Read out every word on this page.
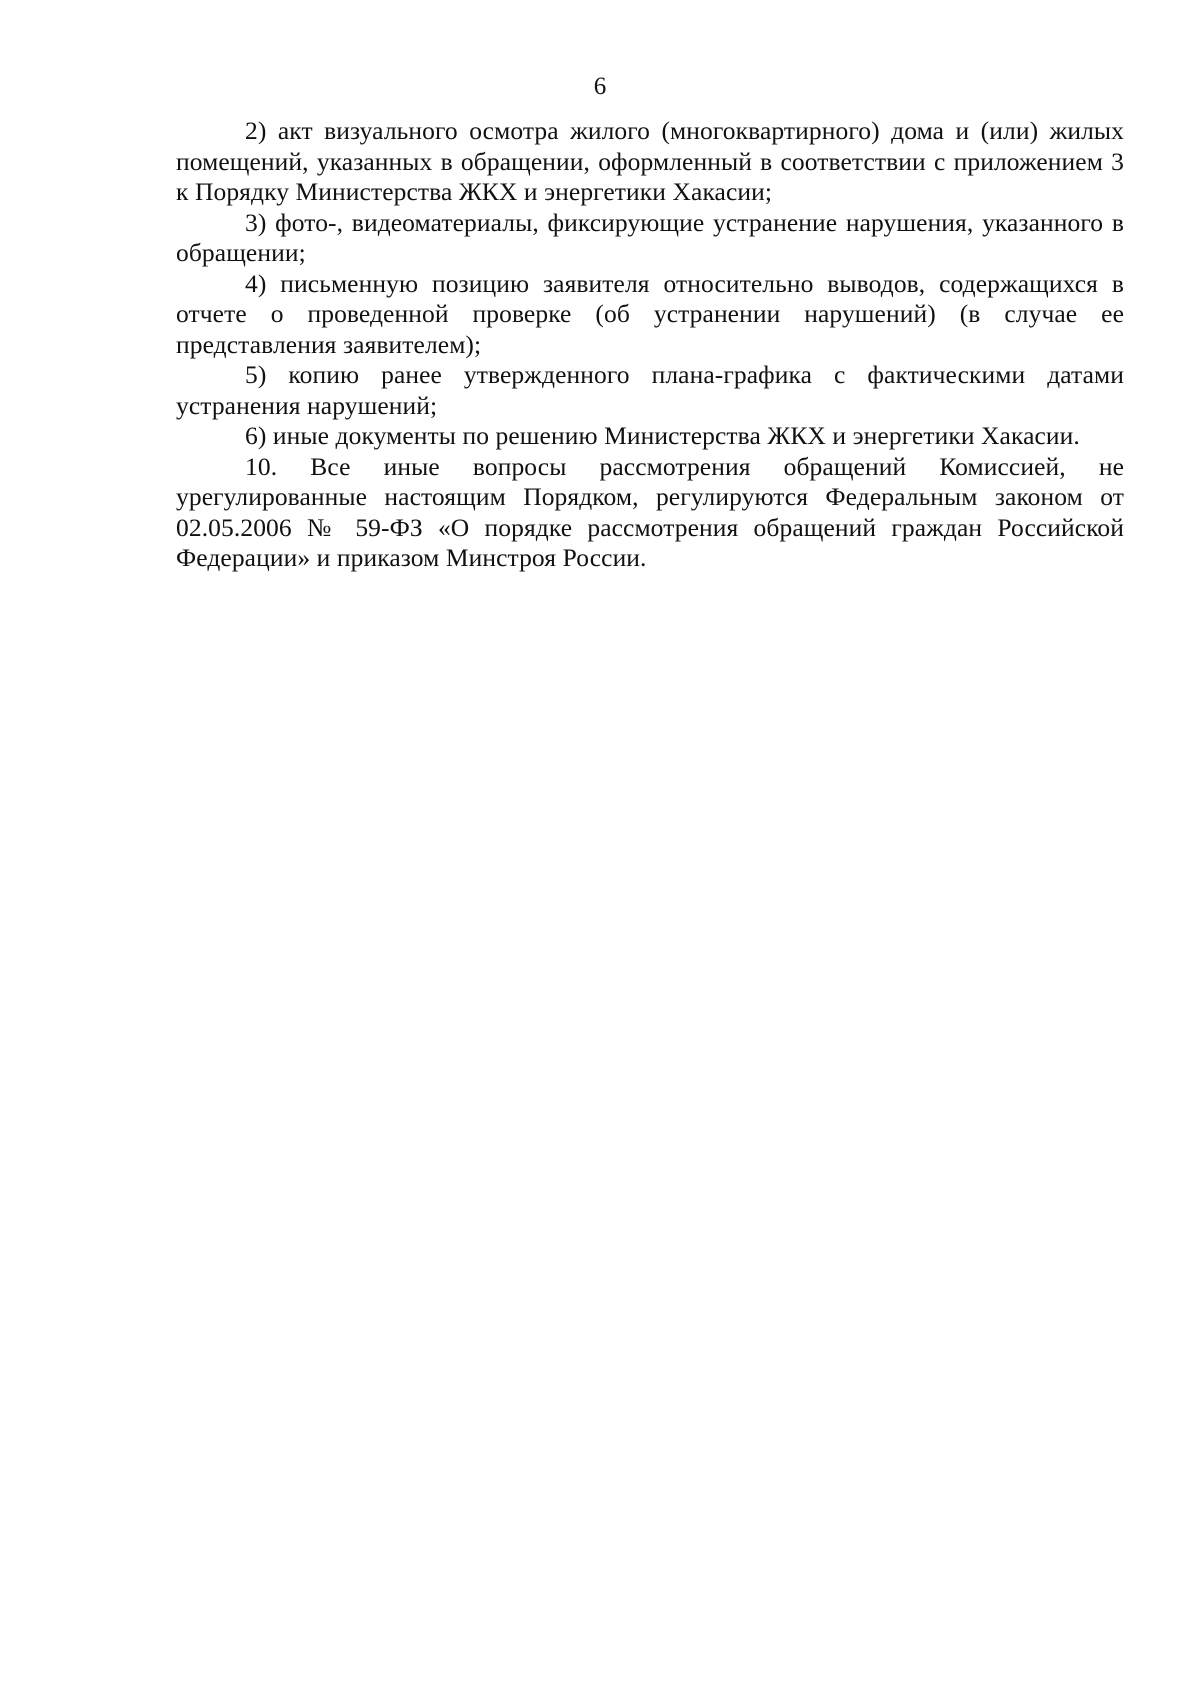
6

2) акт визуального осмотра жилого (многоквартирного) дома и (или) жилых помещений, указанных в обращении, оформленный в соответствии с приложением 3 к Порядку Министерства ЖКХ и энергетики Хакасии;

3) фото-, видеоматериалы, фиксирующие устранение нарушения, указанного в обращении;

4) письменную позицию заявителя относительно выводов, содержащихся в отчете о проведенной проверке (об устранении нарушений) (в случае ее представления заявителем);

5) копию ранее утвержденного плана-графика с фактическими датами устранения нарушений;

6) иные документы по решению Министерства ЖКХ и энергетики Хакасии.

10. Все иные вопросы рассмотрения обращений Комиссией, не урегулированные настоящим Порядком, регулируются Федеральным законом от 02.05.2006 № 59-ФЗ «О порядке рассмотрения обращений граждан Российской Федерации» и приказом Минстроя России.
